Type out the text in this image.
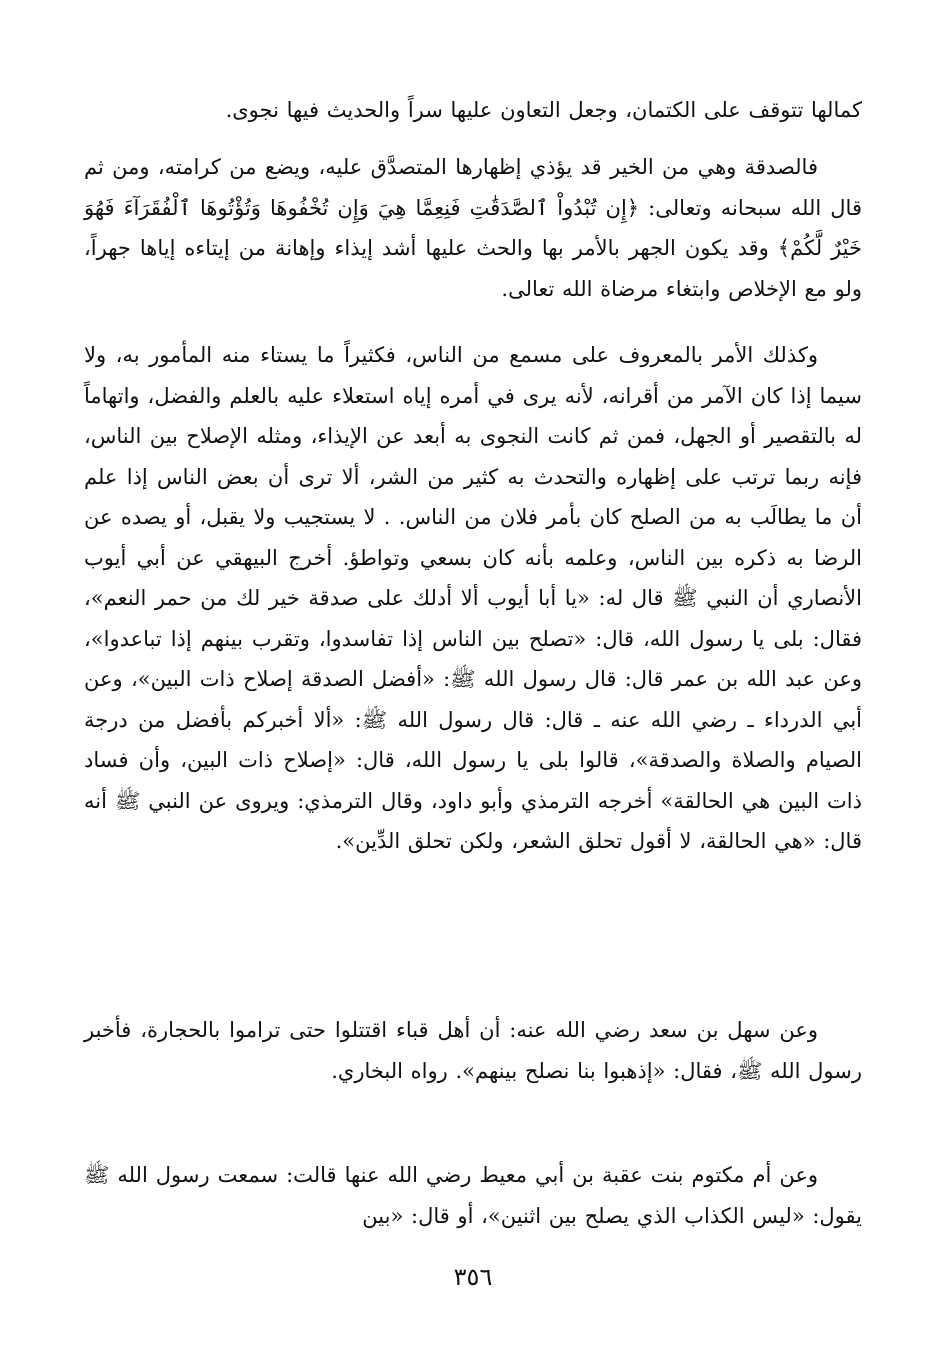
كمالها تتوقف على الكتمان، وجعل التعاون عليها سراً والحديث فيها نجوى.

فالصدقة وهي من الخير قد يؤذي إظهارها المتصدَّق عليه، ويضع من كرامته، ومن ثم قال الله سبحانه وتعالى: ﴿إِن تُبْدُواْ ٱلصَّدَقَٰتِ فَنِعِمَّا هِيَ وَإِن تُخْفُوهَا وَتُؤْتُوهَا ٱلْفُقَرَآءَ فَهُوَ خَيْرٌ لَّكُمْ﴾ وقد يكون الجهر بالأمر بها والحث عليها أشد إيذاء وإهانة من إيتاءه إياها جهراً، ولو مع الإخلاص وابتغاء مرضاة الله تعالى.

وكذلك الأمر بالمعروف على مسمع من الناس، فكثيراً ما يستاء منه المأمور به، ولا سيما إذا كان الآمر من أقرانه، لأنه يرى في أمره إياه استعلاء عليه بالعلم والفضل، واتهاماً له بالتقصير أو الجهل، فمن ثم كانت النجوى به أبعد عن الإيذاء، ومثله الإصلاح بين الناس، فإنه ربما ترتب على إظهاره والتحدث به كثير من الشر، ألا ترى أن بعض الناس إذا علم أن ما يطالَب به من الصلح كان بأمر فلان من الناس. . لا يستجيب ولا يقبل، أو يصده عن الرضا به ذكره بين الناس، وعلمه بأنه كان بسعي وتواطؤ. أخرج البيهقي عن أبي أيوب الأنصاري أن النبي ﷺ قال له: «يا أبا أيوب ألا أدلك على صدقة خير لك من حمر النعم»، فقال: بلى يا رسول الله، قال: «تصلح بين الناس إذا تفاسدوا، وتقرب بينهم إذا تباعدوا»، وعن عبد الله بن عمر قال: قال رسول الله ﷺ: «أفضل الصدقة إصلاح ذات البين»، وعن أبي الدرداء ـ رضي الله عنه ـ قال: قال رسول الله ﷺ: «ألا أخبركم بأفضل من درجة الصيام والصلاة والصدقة»، قالوا بلى يا رسول الله، قال: «إصلاح ذات البين، وأن فساد ذات البين هي الحالقة» أخرجه الترمذي وأبو داود، وقال الترمذي: ويروى عن النبي ﷺ أنه قال: «هي الحالقة، لا أقول تحلق الشعر، ولكن تحلق الدِّين».

وعن سهل بن سعد رضي الله عنه: أن أهل قباء اقتتلوا حتى تراموا بالحجارة، فأخبر رسول الله ﷺ، فقال: «إذهبوا بنا نصلح بينهم». رواه البخاري.

وعن أم مكتوم بنت عقبة بن أبي معيط رضي الله عنها قالت: سمعت رسول الله ﷺ يقول: «ليس الكذاب الذي يصلح بين اثنين»، أو قال: «بين

٣٥٦
